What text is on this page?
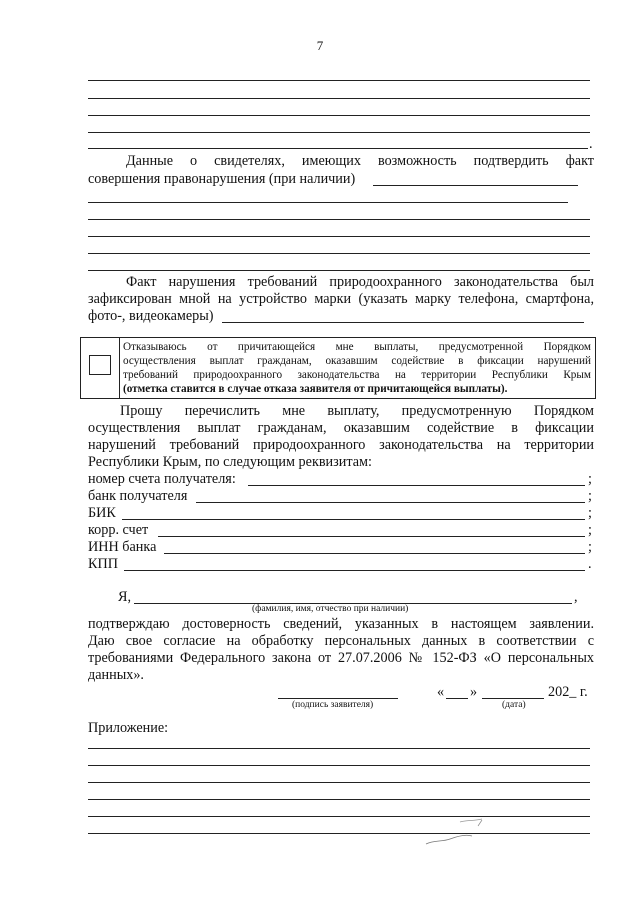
7
.
Данные о свидетелях, имеющих возможность подтвердить факт
совершения правонарушения (при наличии)
Факт нарушения требований природоохранного законодательства был
зафиксирован мной на устройство марки (указать марку телефона, смартфона,
фото-, видеокамеры)
Отказываюсь от причитающейся мне выплаты, предусмотренной Порядком
осуществления выплат гражданам, оказавшим содействие в фиксации нарушений
требований природоохранного законодательства на территории Республики Крым
(отметка ставится в случае отказа заявителя от причитающейся выплаты).
Прошу перечислить мне выплату, предусмотренную Порядком
осуществления выплат гражданам, оказавшим содействие в фиксации
нарушений требований природоохранного законодательства на территории
Республики Крым, по следующим реквизитам:
номер счета получателя:	;
банк получателя	;
БИК	;
корр. счет	;
ИНН банка	;
КПП	.
Я,	,
(фамилия, имя, отчество при наличии)
подтверждаю достоверность сведений, указанных в настоящем заявлении.
Даю свое согласие на обработку персональных данных в соответствии с
требованиями Федерального закона от 27.07.2006 № 152-ФЗ «О персональных
данных».
(подпись заявителя)
« »	202_ г.
(дата)
Приложение:
